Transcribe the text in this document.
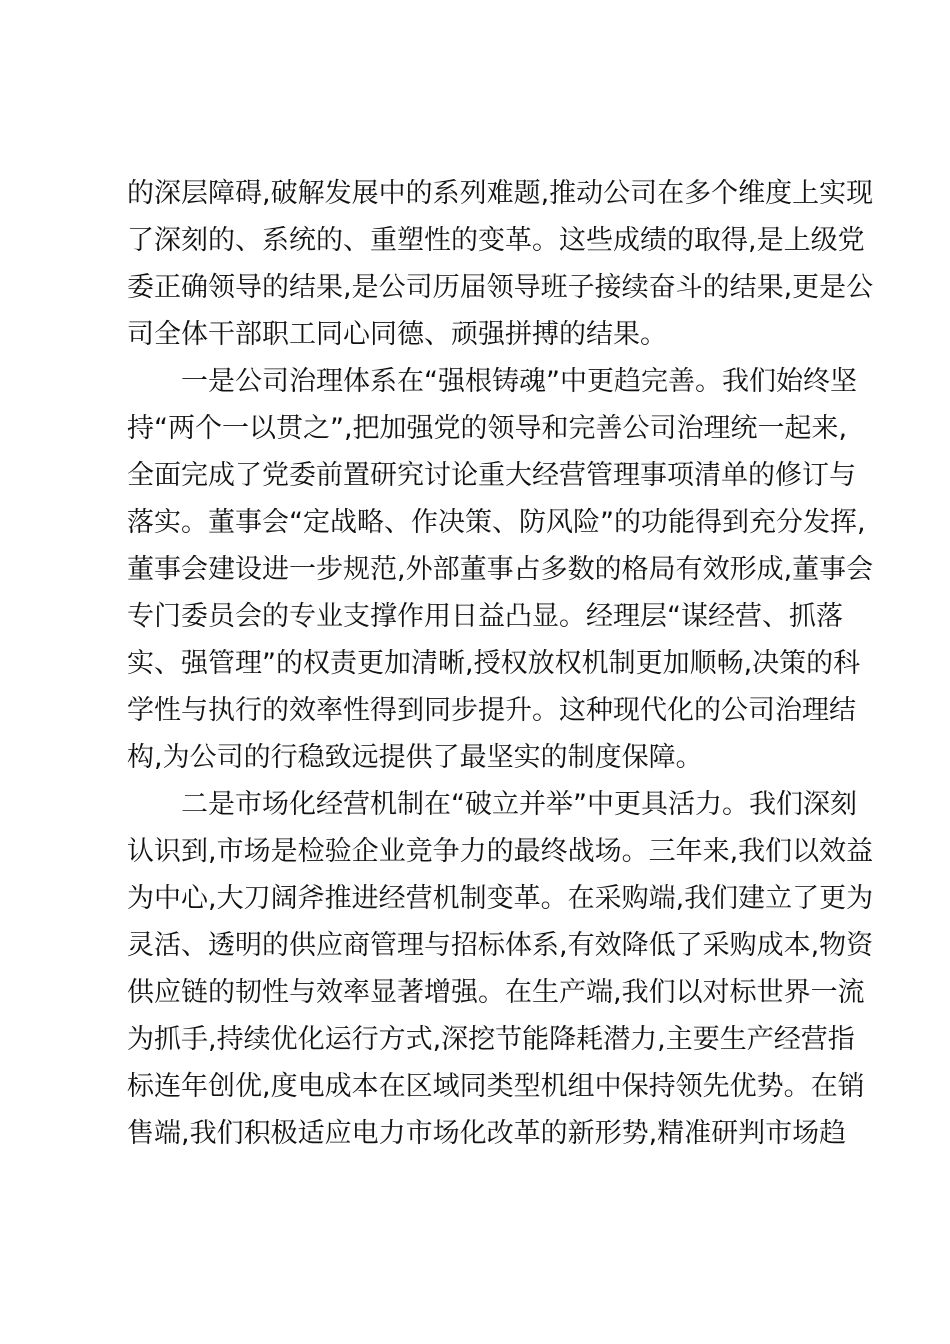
的深层障碍,破解发展中的系列难题,推动公司在多个维度上实现
了深刻的、系统的、重塑性的变革。这些成绩的取得,是上级党
委正确领导的结果,是公司历届领导班子接续奋斗的结果,更是公
司全体干部职工同心同德、顽强拼搏的结果。
一是公司治理体系在“强根铸魂”中更趋完善。我们始终坚
持“两个一以贯之”,把加强党的领导和完善公司治理统一起来,
全面完成了党委前置研究讨论重大经营管理事项清单的修订与
落实。董事会“定战略、作决策、防风险”的功能得到充分发挥,
董事会建设进一步规范,外部董事占多数的格局有效形成,董事会
专门委员会的专业支撑作用日益凸显。经理层“谋经营、抓落
实、强管理”的权责更加清晰,授权放权机制更加顺畅,决策的科
学性与执行的效率性得到同步提升。这种现代化的公司治理结
构,为公司的行稳致远提供了最坚实的制度保障。
二是市场化经营机制在“破立并举”中更具活力。我们深刻
认识到,市场是检验企业竞争力的最终战场。三年来,我们以效益
为中心,大刀阔斧推进经营机制变革。在采购端,我们建立了更为
灵活、透明的供应商管理与招标体系,有效降低了采购成本,物资
供应链的韧性与效率显著增强。在生产端,我们以对标世界一流
为抓手,持续优化运行方式,深挖节能降耗潜力,主要生产经营指
标连年创优,度电成本在区域同类型机组中保持领先优势。在销
售端,我们积极适应电力市场化改革的新形势,精准研判市场趋
